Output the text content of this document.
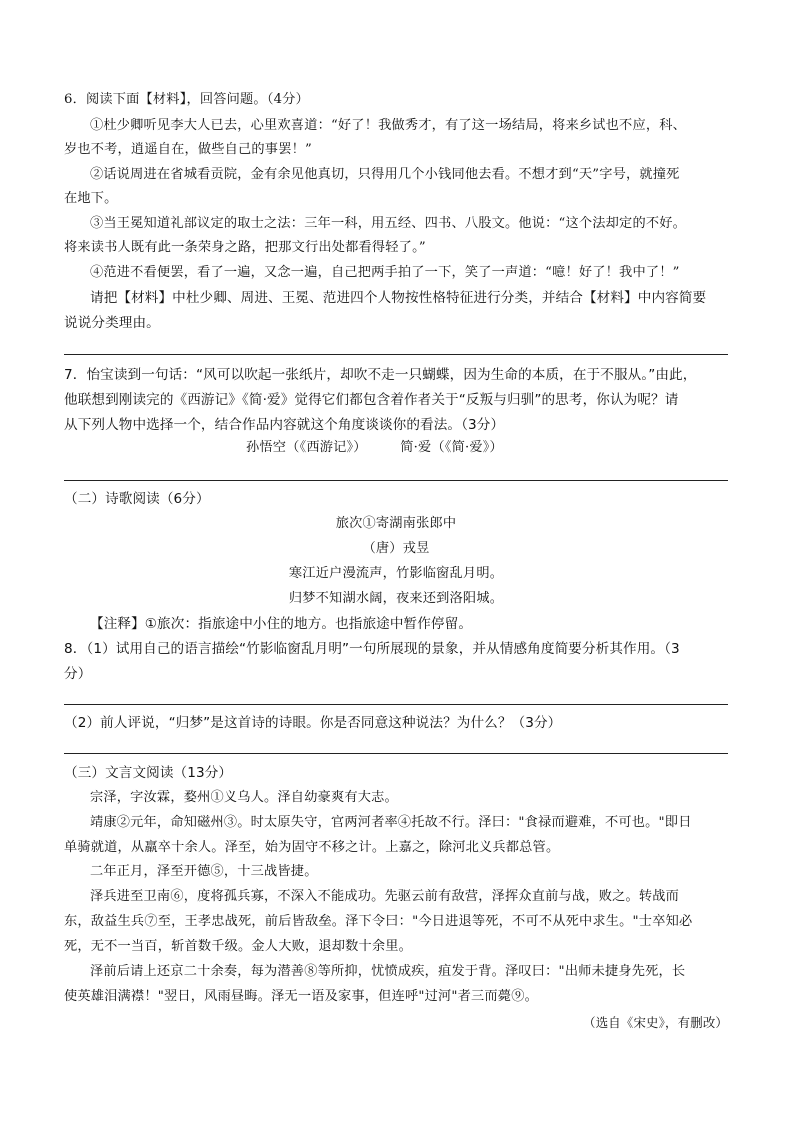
6．阅读下面【材料】，回答问题。（4分）
①杜少卿听见李大人已去，心里欢喜道：“好了！我做秀才，有了这一场结局，将来乡试也不应，科、
岁也不考，逍遥自在，做些自己的事罢！”
②话说周进在省城看贡院，金有余见他真切，只得用几个小钱同他去看。不想才到“天”字号，就撞死
在地下。
③当王冕知道礼部议定的取士之法：三年一科，用五经、四书、八股文。他说：“这个法却定的不好。
将来读书人既有此一条荣身之路，把那文行出处都看得轻了。”
④范进不看便罢，看了一遍，又念一遍，自己把两手拍了一下，笑了一声道：“噫！好了！我中了！”
请把【材料】中杜少卿、周进、王冕、范进四个人物按性格特征进行分类，并结合【材料】中内容简要
说说分类理由。
7．怡宝读到一句话：“风可以吹起一张纸片，却吹不走一只蝴蝶，因为生命的本质，在于不服从。”由此，
他联想到刚读完的《西游记》《简·爱》觉得它们都包含着作者关于“反叛与归驯”的思考，你认为呢？请
从下列人物中选择一个，结合作品内容就这个角度谈谈你的看法。（3分）
孙悟空（《西游记》）　　　简·爱（《简·爱》）
（二）诗歌阅读（6分）
旅次①寄湖南张郎中
（唐）戎昱
寒江近户漫流声，竹影临窗乱月明。
归梦不知湖水阔，夜来还到洛阳城。
【注释】①旅次：指旅途中小住的地方。也指旅途中暂作停留。
8．（1）试用自己的语言描绘“竹影临窗乱月明”一句所展现的景象，并从情感角度简要分析其作用。（3
分）
（2）前人评说，“归梦”是这首诗的诗眼。你是否同意这种说法？为什么？（3分）
（三）文言文阅读（13分）
宗泽，字汝霖，婺州①义乌人。泽自幼豪爽有大志。
靖康②元年，命知磁州③。时太原失守，官两河者率④托故不行。泽曰："食禄而避难，不可也。"即日
单骑就道，从羸卒十余人。泽至，始为固守不移之计。上嘉之，除河北义兵都总管。
二年正月，泽至开德⑤，十三战皆捷。
泽兵进至卫南⑥，度将孤兵寡，不深入不能成功。先驱云前有敌营，泽挥众直前与战，败之。转战而
东，敌益生兵⑦至，王孝忠战死，前后皆敌垒。泽下令曰："今日进退等死，不可不从死中求生。"士卒知必
死，无不一当百，斩首数千级。金人大败，退却数十余里。
泽前后请上还京二十余奏，每为潜善⑧等所抑，忧愤成疾，疽发于背。泽叹曰："出师未捷身先死，长
使英雄泪满襟！"翌日，风雨昼晦。泽无一语及家事，但连呼"过河"者三而薨⑨。
（选自《宋史》，有删改）
